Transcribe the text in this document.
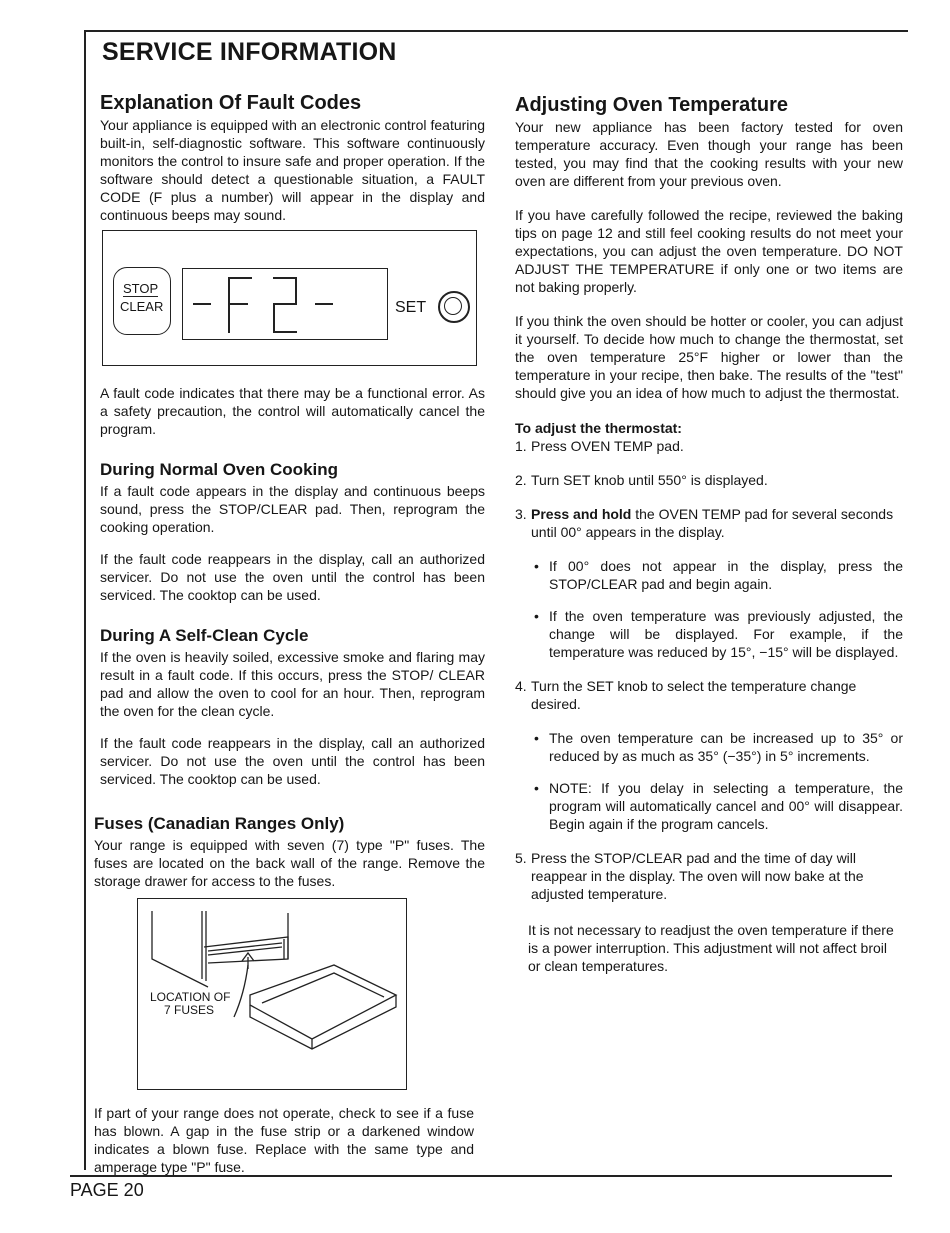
SERVICE INFORMATION
Explanation Of Fault Codes

Your appliance is equipped with an electronic control featuring built-in, self-diagnostic software. This software continuously monitors the control to insure safe and proper operation. If the software should detect a questionable situation, a FAULT CODE (F plus a number) will appear in the display and continuous beeps may sound.

STOP
CLEAR	SET

A fault code indicates that there may be a functional error. As a safety precaution, the control will automatically cancel the program.

During Normal Oven Cooking

If a fault code appears in the display and continuous beeps sound, press the STOP/CLEAR pad. Then, reprogram the cooking operation.

If the fault code reappears in the display, call an authorized servicer. Do not use the oven until the control has been serviced. The cooktop can be used.

During A Self-Clean Cycle

If the oven is heavily soiled, excessive smoke and flaring may result in a fault code. If this occurs, press the STOP/ CLEAR pad and allow the oven to cool for an hour. Then, reprogram the oven for the clean cycle.

If the fault code reappears in the display, call an authorized servicer. Do not use the oven until the control has been serviced. The cooktop can be used.

Fuses (Canadian Ranges Only)

Your range is equipped with seven (7) type "P" fuses. The fuses are located on the back wall of the range. Remove the storage drawer for access to the fuses.

LOCATION OF
7 FUSES

If part of your range does not operate, check to see if a fuse has blown. A gap in the fuse strip or a darkened window indicates a blown fuse. Replace with the same type and amperage type "P" fuse.

Adjusting Oven Temperature

Your new appliance has been factory tested for oven temperature accuracy. Even though your range has been tested, you may find that the cooking results with your new oven are different from your previous oven.

If you have carefully followed the recipe, reviewed the baking tips on page 12 and still feel cooking results do not meet your expectations, you can adjust the oven temperature. DO NOT ADJUST THE TEMPERATURE if only one or two items are not baking properly.

If you think the oven should be hotter or cooler, you can adjust it yourself. To decide how much to change the thermostat, set the oven temperature 25°F higher or lower than the temperature in your recipe, then bake. The results of the "test" should give you an idea of how much to adjust the thermostat.

To adjust the thermostat:
1. Press OVEN TEMP pad.
2. Turn SET knob until 550° is displayed.
3. Press and hold the OVEN TEMP pad for several seconds until 00° appears in the display.
• If 00° does not appear in the display, press the STOP/CLEAR pad and begin again.
• If the oven temperature was previously adjusted, the change will be displayed. For example, if the temperature was reduced by 15°, −15° will be displayed.
4. Turn the SET knob to select the temperature change desired.
• The oven temperature can be increased up to 35° or reduced by as much as 35° (−35°) in 5° increments.
• NOTE: If you delay in selecting a temperature, the program will automatically cancel and 00° will disappear. Begin again if the program cancels.
5. Press the STOP/CLEAR pad and the time of day will reappear in the display. The oven will now bake at the adjusted temperature.

It is not necessary to readjust the oven temperature if there is a power interruption. This adjustment will not affect broil or clean temperatures.

PAGE 20
